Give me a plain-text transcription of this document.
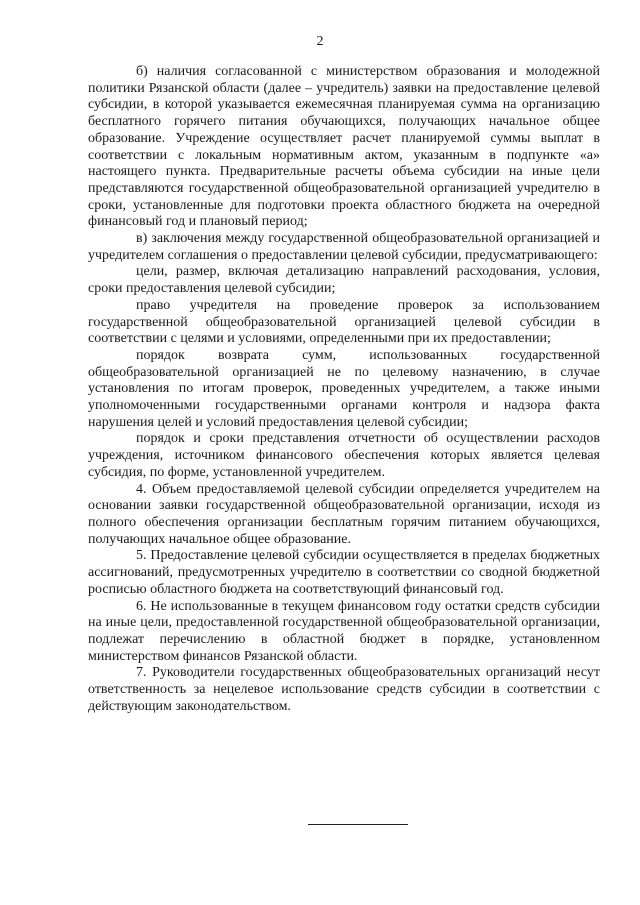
2

б) наличия согласованной с министерством образования и молодежной политики Рязанской области (далее – учредитель) заявки на предоставление целевой субсидии, в которой указывается ежемесячная планируемая сумма на организацию бесплатного горячего питания обучающихся, получающих начальное общее образование. Учреждение осуществляет расчет планируемой суммы выплат в соответствии с локальным нормативным актом, указанным в подпункте «а» настоящего пункта. Предварительные расчеты объема субсидии на иные цели представляются государственной общеобразовательной организацией учредителю в сроки, установленные для подготовки проекта областного бюджета на очередной финансовый год и плановый период;

в) заключения между государственной общеобразовательной организацией и учредителем соглашения о предоставлении целевой субсидии, предусматривающего:

цели, размер, включая детализацию направлений расходования, условия, сроки предоставления целевой субсидии;

право учредителя на проведение проверок за использованием государственной общеобразовательной организацией целевой субсидии в соответствии с целями и условиями, определенными при их предоставлении;

порядок возврата сумм, использованных государственной общеобразовательной организацией не по целевому назначению, в случае установления по итогам проверок, проведенных учредителем, а также иными уполномоченными государственными органами контроля и надзора факта нарушения целей и условий предоставления целевой субсидии;

порядок и сроки представления отчетности об осуществлении расходов учреждения, источником финансового обеспечения которых является целевая субсидия, по форме, установленной учредителем.

4. Объем предоставляемой целевой субсидии определяется учредителем на основании заявки государственной общеобразовательной организации, исходя из полного обеспечения организации бесплатным горячим питанием обучающихся, получающих начальное общее образование.

5. Предоставление целевой субсидии осуществляется в пределах бюджетных ассигнований, предусмотренных учредителю в соответствии со сводной бюджетной росписью областного бюджета на соответствующий финансовый год.

6. Не использованные в текущем финансовом году остатки средств субсидии на иные цели, предоставленной государственной общеобразовательной организации, подлежат перечислению в областной бюджет в порядке, установленном министерством финансов Рязанской области.

7. Руководители государственных общеобразовательных организаций несут ответственность за нецелевое использование средств субсидии в соответствии с действующим законодательством.
